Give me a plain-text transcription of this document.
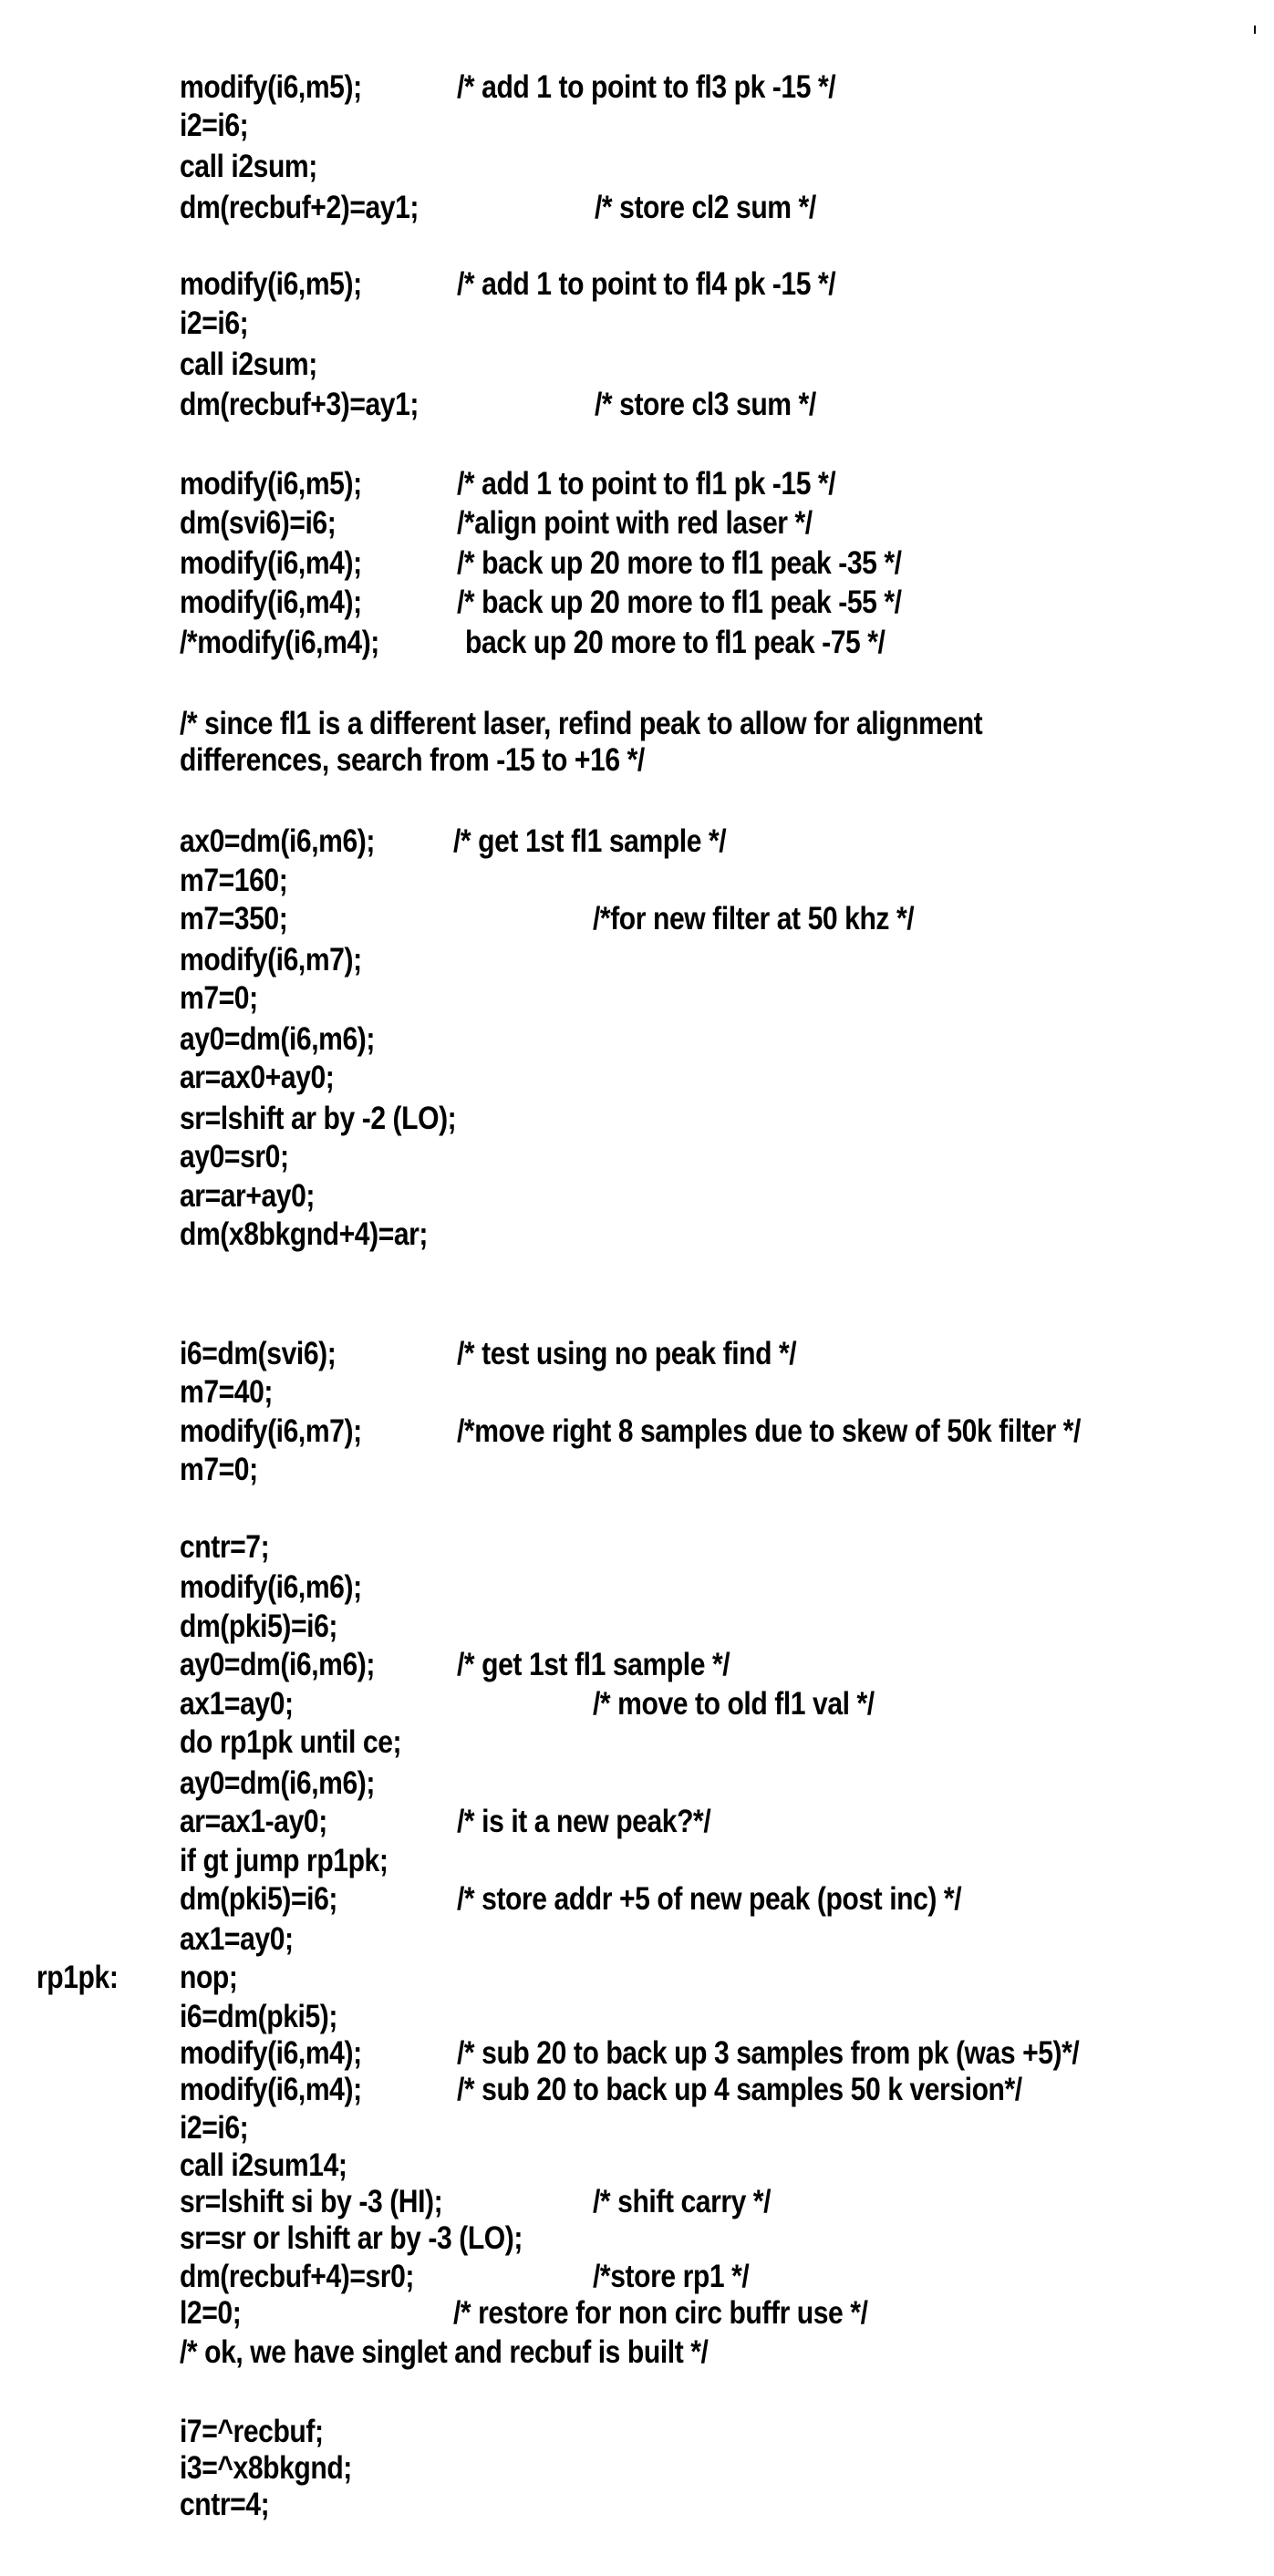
modify(i6,m5);	/* add 1 to point to fl3 pk -15 */
i2=i6;
call i2sum;
dm(recbuf+2)=ay1;	/* store cl2 sum */
modify(i6,m5);	/* add 1 to point to fl4 pk -15 */
i2=i6;
call i2sum;
dm(recbuf+3)=ay1;	/* store cl3 sum */
modify(i6,m5);	/* add 1 to point to fl1 pk -15 */
dm(svi6)=i6;	/*align point with red laser */
modify(i6,m4);	/* back up 20 more to fl1 peak -35 */
modify(i6,m4);	/* back up 20 more to fl1 peak -55 */
/*modify(i6,m4);	back up 20 more to fl1 peak -75 */
/* since fl1 is a different laser, refind peak to allow for alignment
differences, search from -15 to +16 */
ax0=dm(i6,m6); /* get 1st fl1 sample */
m7=160;
m7=350;	/*for new filter at 50 khz */
modify(i6,m7);
m7=0;
ay0=dm(i6,m6);
ar=ax0+ay0;
sr=lshift ar by -2 (LO);
ay0=sr0;
ar=ar+ay0;
dm(x8bkgnd+4)=ar;
i6=dm(svi6);	/* test using no peak find */
m7=40;
modify(i6,m7);	/*move right 8 samples due to skew of 50k filter */
m7=0;
cntr=7;
modify(i6,m6);
dm(pki5)=i6;
ay0=dm(i6,m6);	/* get 1st fl1 sample */
ax1=ay0;	/* move to old fl1 val */
do rp1pk until ce;
ay0=dm(i6,m6);
ar=ax1-ay0;	/* is it a new peak?*/
if gt jump rp1pk;
dm(pki5)=i6;	/* store addr +5 of new peak (post inc) */
ax1=ay0;
rp1pk: nop;
i6=dm(pki5);
modify(i6,m4);	/* sub 20 to back up 3 samples from pk (was +5)*/
modify(i6,m4);	/* sub 20 to back up 4 samples 50 k version*/
i2=i6;
call i2sum14;
sr=lshift si by -3 (HI);	/* shift carry */
sr=sr or lshift ar by -3 (LO);
dm(recbuf+4)=sr0;	/*store rp1 */
l2=0;	/* restore for non circ buffr use */
/* ok, we have singlet and recbuf is built */
i7=^recbuf;
i3=^x8bkgnd;
cntr=4;
